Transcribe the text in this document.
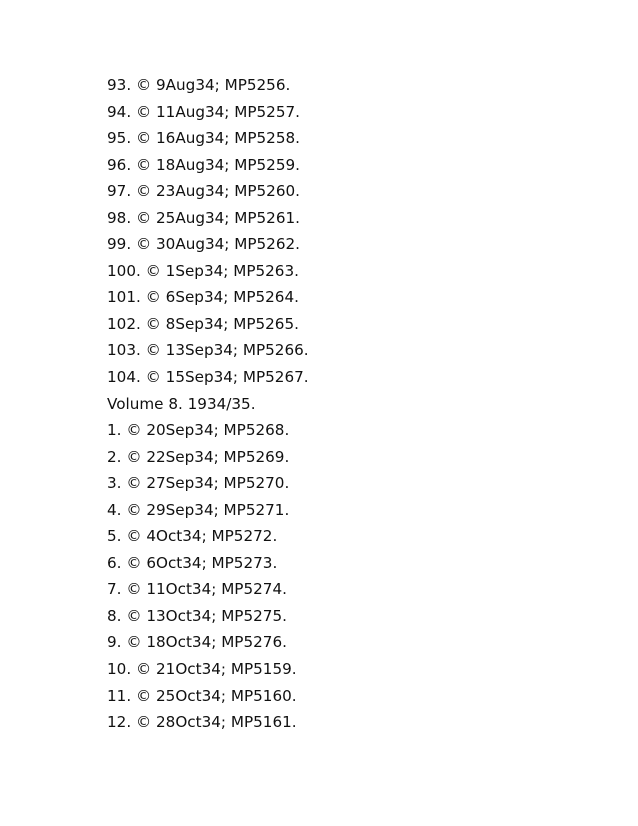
93. © 9Aug34; MP5256.
94. © 11Aug34; MP5257.
95. © 16Aug34; MP5258.
96. © 18Aug34; MP5259.
97. © 23Aug34; MP5260.
98. © 25Aug34; MP5261.
99. © 30Aug34; MP5262.
100. © 1Sep34; MP5263.
101. © 6Sep34; MP5264.
102. © 8Sep34; MP5265.
103. © 13Sep34; MP5266.
104. © 15Sep34; MP5267.
Volume 8. 1934/35.
1. © 20Sep34; MP5268.
2. © 22Sep34; MP5269.
3. © 27Sep34; MP5270.
4. © 29Sep34; MP5271.
5. © 4Oct34; MP5272.
6. © 6Oct34; MP5273.
7. © 11Oct34; MP5274.
8. © 13Oct34; MP5275.
9. © 18Oct34; MP5276.
10. © 21Oct34; MP5159.
11. © 25Oct34; MP5160.
12. © 28Oct34; MP5161.
